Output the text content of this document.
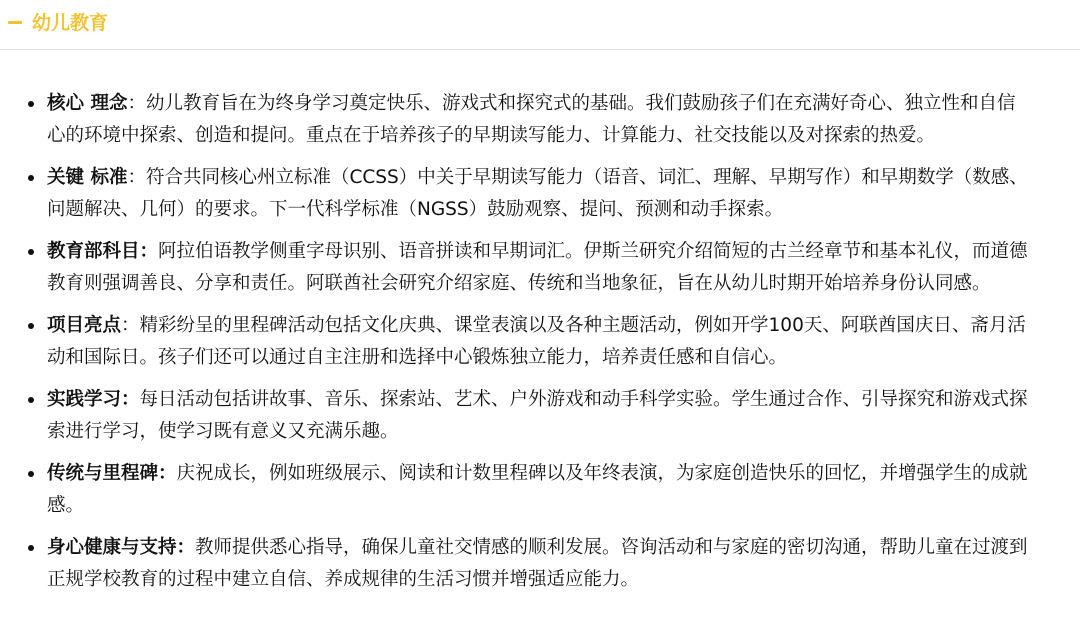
幼儿教育
核心 理念：幼儿教育旨在为终身学习奠定快乐、游戏式和探究式的基础。我们鼓励孩子们在充满好奇心、独立性和自信心的环境中探索、创造和提问。重点在于培养孩子的早期读写能力、计算能力、社交技能以及对探索的热爱。
关键 标准：符合共同核心州立标准（CCSS）中关于早期读写能力（语音、词汇、理解、早期写作）和早期数学（数感、问题解决、几何）的要求。下一代科学标准（NGSS）鼓励观察、提问、预测和动手探索。
教育部科目：阿拉伯语教学侧重字母识别、语音拼读和早期词汇。伊斯兰研究介绍简短的古兰经章节和基本礼仪，而道德教育则强调善良、分享和责任。阿联酋社会研究介绍家庭、传统和当地象征，旨在从幼儿时期开始培养身份认同感。
项目亮点：精彩纷呈的里程碑活动包括文化庆典、课堂表演以及各种主题活动，例如开学100天、阿联酋国庆日、斋月活动和国际日。孩子们还可以通过自主注册和选择中心锻炼独立能力，培养责任感和自信心。
实践学习：每日活动包括讲故事、音乐、探索站、艺术、户外游戏和动手科学实验。学生通过合作、引导探究和游戏式探索进行学习，使学习既有意义又充满乐趣。
传统与里程碑：庆祝成长，例如班级展示、阅读和计数里程碑以及年终表演，为家庭创造快乐的回忆，并增强学生的成就感。
身心健康与支持：教师提供悉心指导，确保儿童社交情感的顺利发展。咨询活动和与家庭的密切沟通，帮助儿童在过渡到正规学校教育的过程中建立自信、养成规律的生活习惯并增强适应能力。
